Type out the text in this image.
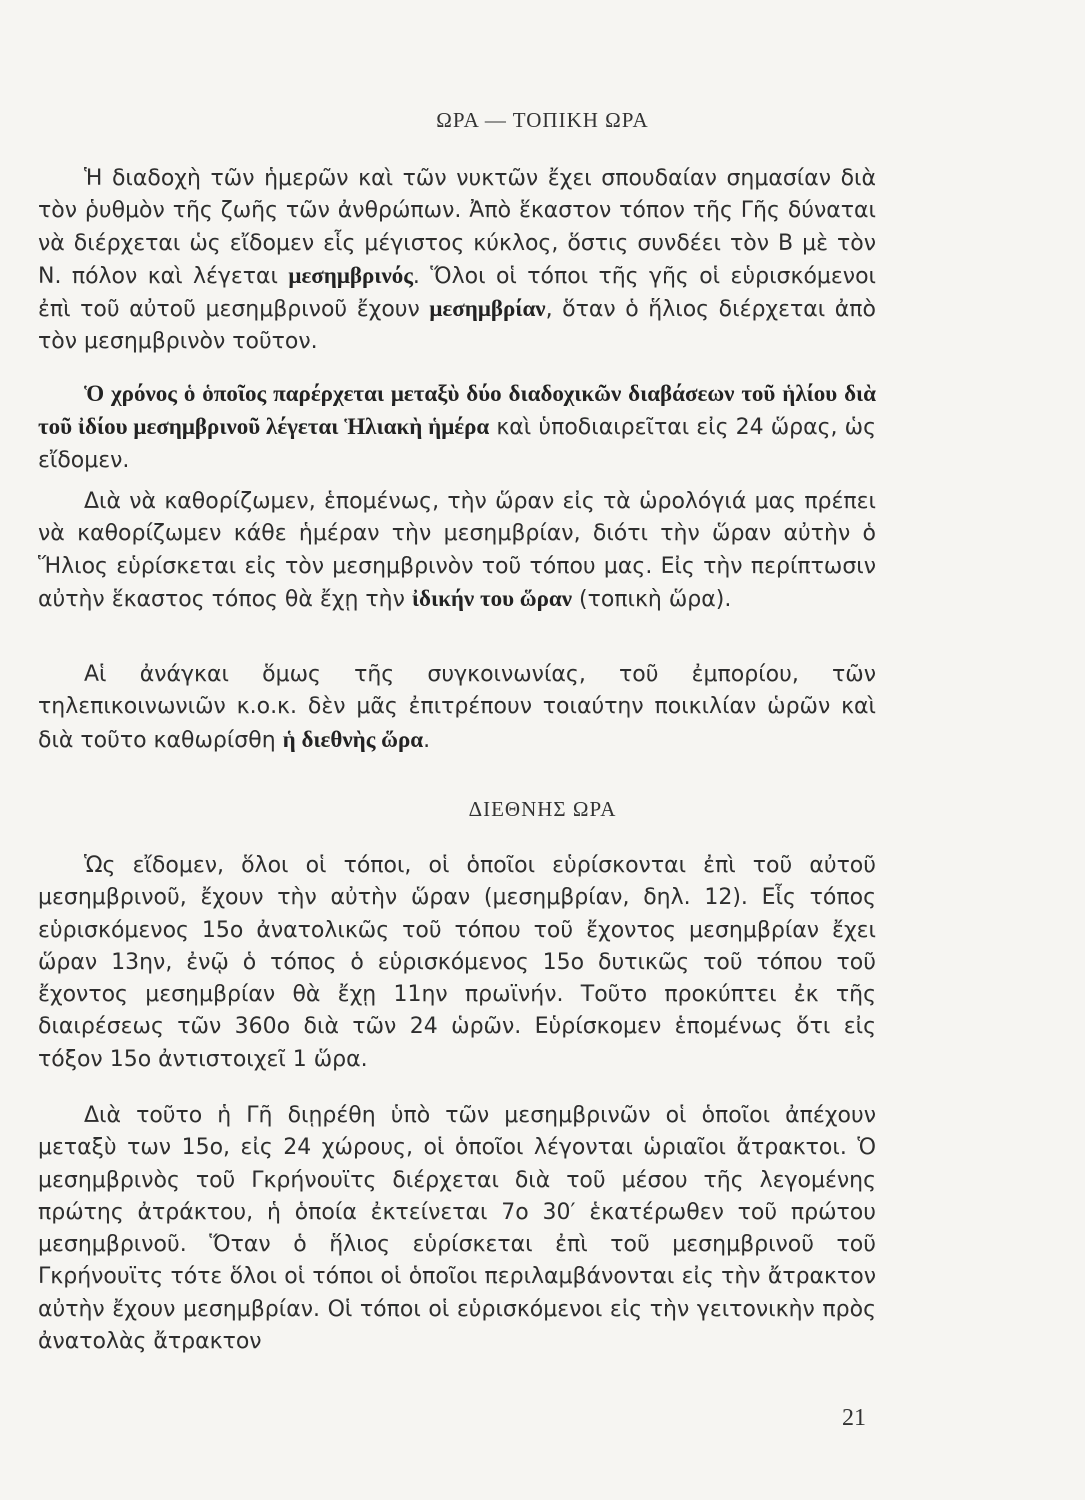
ΩΡΑ — ΤΟΠΙΚΗ ΩΡΑ
Ἡ διαδοχὴ τῶν ἡμερῶν καὶ τῶν νυκτῶν ἔχει σπουδαίαν σημασίαν διὰ τὸν ῥυθμὸν τῆς ζωῆς τῶν ἀνθρώπων. Ἀπὸ ἕκαστον τόπον τῆς Γῆς δύναται νὰ διέρχεται ὡς εἴδομεν εἷς μέγιστος κύκλος, ὅστις συνδέει τὸν Β μὲ τὸν Ν. πόλον καὶ λέγεται μεσημβρινός. Ὅλοι οἱ τόποι τῆς γῆς οἱ εὑρισκόμενοι ἐπὶ τοῦ αὐτοῦ μεσημβρινοῦ ἔχουν μεσημβρίαν, ὅταν ὁ ἥλιος διέρχεται ἀπὸ τὸν μεσημβρινὸν τοῦτον.
Ὁ χρόνος ὁ ὁποῖος παρέρχεται μεταξὺ δύο διαδοχικῶν διαβάσεων τοῦ ἡλίου διὰ τοῦ ἰδίου μεσημβρινοῦ λέγεται Ἡλιακὴ ἡμέρα καὶ ὑποδιαιρεῖται εἰς 24 ὥρας, ὡς εἴδομεν.
Διὰ νὰ καθορίζωμεν, ἑπομένως, τὴν ὥραν εἰς τὰ ὡρολόγιά μας πρέπει νὰ καθορίζωμεν κάθε ἡμέραν τὴν μεσημβρίαν, διότι τὴν ὥραν αὐτὴν ὁ Ἥλιος εὑρίσκεται εἰς τὸν μεσημβρινὸν τοῦ τόπου μας. Εἰς τὴν περίπτωσιν αὐτὴν ἕκαστος τόπος θὰ ἔχῃ τὴν ἰδικήν του ὥραν (τοπικὴ ὥρα).
Αἱ ἀνάγκαι ὅμως τῆς συγκοινωνίας, τοῦ ἐμπορίου, τῶν τηλεπικοινωνιῶν κ.ο.κ. δὲν μᾶς ἐπιτρέπουν τοιαύτην ποικιλίαν ὡρῶν καὶ διὰ τοῦτο καθωρίσθη ἡ διεθνὴς ὥρα.
ΔΙΕΘΝΗΣ ΩΡΑ
Ὡς εἴδομεν, ὅλοι οἱ τόποι, οἱ ὁποῖοι εὑρίσκονται ἐπὶ τοῦ αὐτοῦ μεσημβρινοῦ, ἔχουν τὴν αὐτὴν ὥραν (μεσημβρίαν, δηλ. 12). Εἷς τόπος εὑρισκόμενος 15ο ἀνατολικῶς τοῦ τόπου τοῦ ἔχοντος μεσημβρίαν ἔχει ὥραν 13ην, ἐνῷ ὁ τόπος ὁ εὑρισκόμενος 15ο δυτικῶς τοῦ τόπου τοῦ ἔχοντος μεσημβρίαν θὰ ἔχῃ 11ην πρωϊνήν. Τοῦτο προκύπτει ἐκ τῆς διαιρέσεως τῶν 360ο διὰ τῶν 24 ὡρῶν. Εὑρίσκομεν ἑπομένως ὅτι εἰς τόξον 15ο ἀντιστοιχεῖ 1 ὥρα.
Διὰ τοῦτο ἡ Γῆ διῃρέθη ὑπὸ τῶν μεσημβρινῶν οἱ ὁποῖοι ἀπέχουν μεταξὺ των 15ο, εἰς 24 χώρους, οἱ ὁποῖοι λέγονται ὡριαῖοι ἄτρακτοι. Ὁ μεσημβρινὸς τοῦ Γκρήνουϊτς διέρχεται διὰ τοῦ μέσου τῆς λεγομένης πρώτης ἀτράκτου, ἡ ὁποία ἐκτείνεται 7ο 30′ ἑκατέρωθεν τοῦ πρώτου μεσημβρινοῦ. Ὅταν ὁ ἥλιος εὑρίσκεται ἐπὶ τοῦ μεσημβρινοῦ τοῦ Γκρήνουϊτς τότε ὅλοι οἱ τόποι οἱ ὁποῖοι περιλαμβάνονται εἰς τὴν ἄτρακτον αὐτὴν ἔχουν μεσημβρίαν. Οἱ τόποι οἱ εὑρισκόμενοι εἰς τὴν γειτονικὴν πρὸς ἀνατολὰς ἄτρακτον
21
